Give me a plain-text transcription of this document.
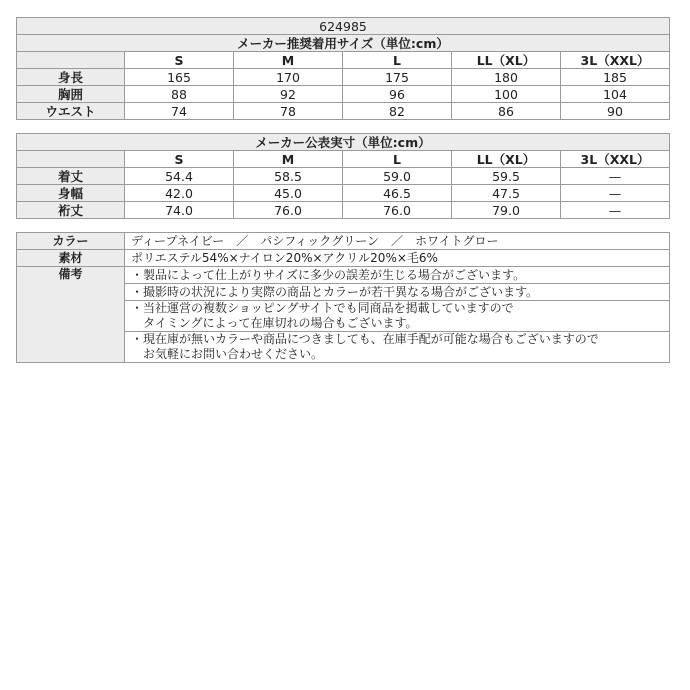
624985					
メーカー推奨着用サイズ（単位:cm）					
	S	M	L	LL（XL）	3L（XXL）
身長	165	170	175	180	185
胸囲	88	92	96	100	104
ウエスト	74	78	82	86	90
メーカー公表実寸（単位:cm）					
	S	M	L	LL（XL）	3L（XXL）
着丈	54.4	58.5	59.0	59.5	—
身幅	42.0	45.0	46.5	47.5	—
裄丈	74.0	76.0	76.0	79.0	—
カラー	ディープネイビー　／　パシフィックグリーン　／　ホワイトグロー
素材	ポリエステル54%×ナイロン20%×アクリル20%×毛6%
備考	・製品によって仕上がりサイズに多少の誤差が生じる場合がございます。
	・撮影時の状況により実際の商品とカラーが若干異なる場合がございます。

	・当社運営の複数ショッピングサイトでも同商品を掲載していますので
　タイミングによって在庫切れの場合もございます。

	・現在庫が無いカラーや商品につきましても、在庫手配が可能な場合もございますので
　お気軽にお問い合わせください。
